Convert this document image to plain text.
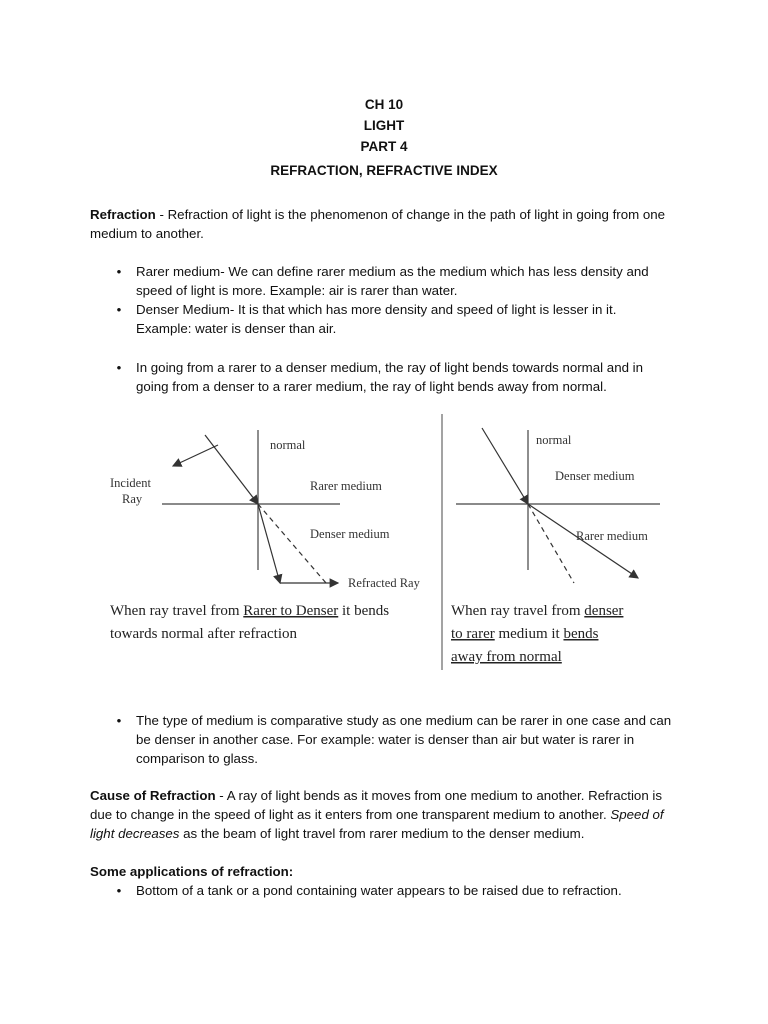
CH 10
LIGHT
PART 4
REFRACTION, REFRACTIVE INDEX
Refraction - Refraction of light is the phenomenon of change in the path of light in going from one medium to another.
• Rarer medium- We can define rarer medium as the medium which has less density and speed of light is more. Example: air is rarer than water.
• Denser Medium- It is that which has more density and speed of light is lesser in it. Example: water is denser than air.
• In going from a rarer to a denser medium, the ray of light bends towards normal and in going from a denser to a rarer medium, the ray of light bends away from normal.
normal
Incident
Ray
Rarer medium
Denser medium
Refracted Ray
When ray travel from Rarer to Denser it bends
towards normal after refraction
normal
Denser medium
Rarer medium
When ray travel from denser
to rarer medium it bends
away from normal
• The type of medium is comparative study as one medium can be rarer in one case and can be denser in another case. For example: water is denser than air but water is rarer in comparison to glass.
Cause of Refraction - A ray of light bends as it moves from one medium to another. Refraction is due to change in the speed of light as it enters from one transparent medium to another. Speed of light decreases as the beam of light travel from rarer medium to the denser medium.
Some applications of refraction:
• Bottom of a tank or a pond containing water appears to be raised due to refraction.
